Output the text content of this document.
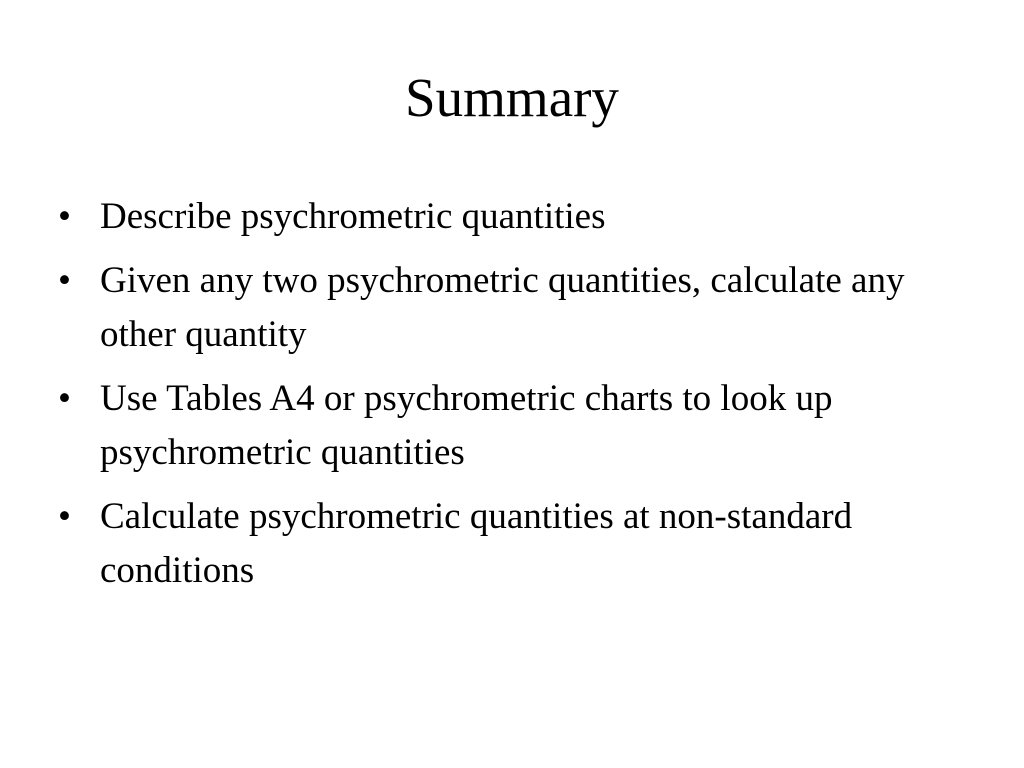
Summary
• Describe psychrometric quantities
• Given any two psychrometric quantities, calculate any other quantity
• Use Tables A4 or psychrometric charts to look up psychrometric quantities
• Calculate psychrometric quantities at non-standard conditions
